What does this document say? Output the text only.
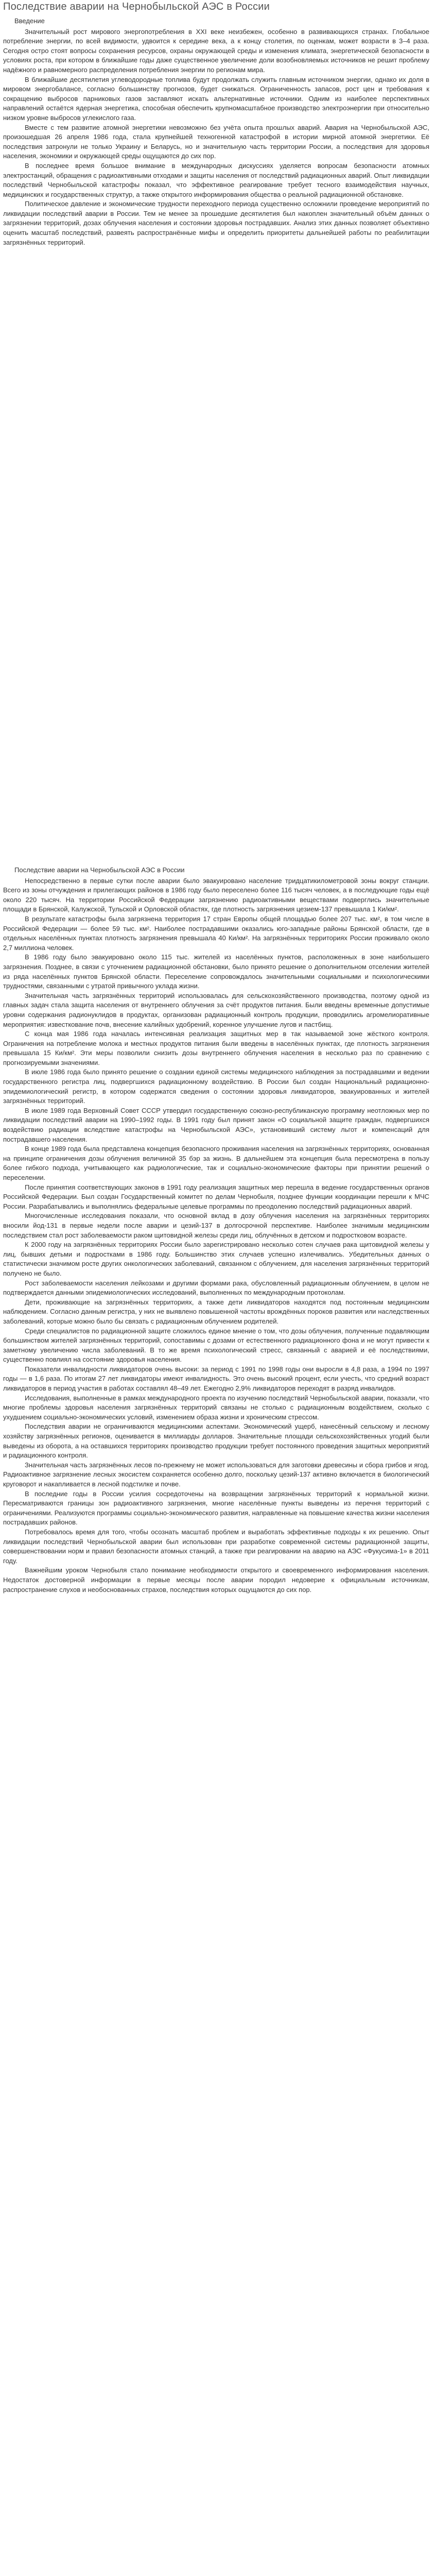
Последствие аварии на Чернобыльской АЭС в России

Введение

Значительный рост мирового энергопотребления в XXI веке неизбежен, особенно в развивающихся странах. Глобальное потребление энергии, по всей видимости, удвоится к середине века, а к концу столетия, по оценкам, может возрасти в 3–4 раза. Сегодня остро стоят вопросы сохранения ресурсов, охраны окружающей среды и изменения климата, энергетической безопасности в условиях роста, при котором в ближайшие годы даже существенное увеличение доли возобновляемых источников не решит проблему надёжного и равномерного распределения потребления энергии по регионам мира.

В ближайшие десятилетия углеводородные топлива будут продолжать служить главным источником энергии, однако их доля в мировом энергобалансе, согласно большинству прогнозов, будет снижаться. Ограниченность запасов, рост цен и требования к сокращению выбросов парниковых газов заставляют искать альтернативные источники. Одним из наиболее перспективных направлений остаётся ядерная энергетика, способная обеспечить крупномасштабное производство электроэнергии при относительно низком уровне выбросов углекислого газа.

Вместе с тем развитие атомной энергетики невозможно без учёта опыта прошлых аварий. Авария на Чернобыльской АЭС, произошедшая 26 апреля 1986 года, стала крупнейшей техногенной катастрофой в истории мирной атомной энергетики. Её последствия затронули не только Украину и Беларусь, но и значительную часть территории России, а последствия для здоровья населения, экономики и окружающей среды ощущаются до сих пор.

В последнее время большое внимание в международных дискуссиях уделяется вопросам безопасности атомных электростанций, обращения с радиоактивными отходами и защиты населения от последствий радиационных аварий. Опыт ликвидации последствий Чернобыльской катастрофы показал, что эффективное реагирование требует тесного взаимодействия научных, медицинских и государственных структур, а также открытого информирования общества о реальной радиационной обстановке.

Политическое давление и экономические трудности переходного периода существенно осложнили проведение мероприятий по ликвидации последствий аварии в России. Тем не менее за прошедшие десятилетия был накоплен значительный объём данных о загрязнении территорий, дозах облучения населения и состоянии здоровья пострадавших. Анализ этих данных позволяет объективно оценить масштаб последствий, развеять распространённые мифы и определить приоритеты дальнейшей работы по реабилитации загрязнённых территорий.

Последствие аварии на Чернобыльской АЭС в России

Непосредственно в первые сутки после аварии было эвакуировано население тридцатикилометровой зоны вокруг станции. Всего из зоны отчуждения и прилегающих районов в 1986 году было переселено более 116 тысяч человек, а в последующие годы ещё около 220 тысяч. На территории Российской Федерации загрязнению радиоактивными веществами подверглись значительные площади в Брянской, Калужской, Тульской и Орловской областях, где плотность загрязнения цезием-137 превышала 1 Ки/км².

В результате катастрофы была загрязнена территория 17 стран Европы общей площадью более 207 тыс. км², в том числе в Российской Федерации — более 59 тыс. км². Наиболее пострадавшими оказались юго-западные районы Брянской области, где в отдельных населённых пунктах плотность загрязнения превышала 40 Ки/км². На загрязнённых территориях России проживало около 2,7 миллиона человек.

В 1986 году было эвакуировано около 115 тыс. жителей из населённых пунктов, расположенных в зоне наибольшего загрязнения. Позднее, в связи с уточнением радиационной обстановки, было принято решение о дополнительном отселении жителей из ряда населённых пунктов Брянской области. Переселение сопровождалось значительными социальными и психологическими трудностями, связанными с утратой привычного уклада жизни.

Значительная часть загрязнённых территорий использовалась для сельскохозяйственного производства, поэтому одной из главных задач стала защита населения от внутреннего облучения за счёт продуктов питания. Были введены временные допустимые уровни содержания радионуклидов в продуктах, организован радиационный контроль продукции, проводились агромелиоративные мероприятия: известкование почв, внесение калийных удобрений, коренное улучшение лугов и пастбищ.

С конца мая 1986 года началась интенсивная реализация защитных мер в так называемой зоне жёсткого контроля. Ограничения на потребление молока и местных продуктов питания были введены в населённых пунктах, где плотность загрязнения превышала 15 Ки/км². Эти меры позволили снизить дозы внутреннего облучения населения в несколько раз по сравнению с прогнозируемыми значениями.

В июле 1986 года было принято решение о создании единой системы медицинского наблюдения за пострадавшими и ведении государственного регистра лиц, подвергшихся радиационному воздействию. В России был создан Национальный радиационно-эпидемиологический регистр, в котором содержатся сведения о состоянии здоровья ликвидаторов, эвакуированных и жителей загрязнённых территорий.

В июле 1989 года Верховный Совет СССР утвердил государственную союзно-республиканскую программу неотложных мер по ликвидации последствий аварии на 1990–1992 годы. В 1991 году был принят закон «О социальной защите граждан, подвергшихся воздействию радиации вследствие катастрофы на Чернобыльской АЭС», установивший систему льгот и компенсаций для пострадавшего населения.

В конце 1989 года была представлена концепция безопасного проживания населения на загрязнённых территориях, основанная на принципе ограничения дозы облучения величиной 35 бэр за жизнь. В дальнейшем эта концепция была пересмотрена в пользу более гибкого подхода, учитывающего как радиологические, так и социально-экономические факторы при принятии решений о переселении.

После принятия соответствующих законов в 1991 году реализация защитных мер перешла в ведение государственных органов Российской Федерации. Был создан Государственный комитет по делам Чернобыля, позднее функции координации перешли к МЧС России. Разрабатывались и выполнялись федеральные целевые программы по преодолению последствий радиационных аварий.

Многочисленные исследования показали, что основной вклад в дозу облучения населения на загрязнённых территориях вносили йод-131 в первые недели после аварии и цезий-137 в долгосрочной перспективе. Наиболее значимым медицинским последствием стал рост заболеваемости раком щитовидной железы среди лиц, облучённых в детском и подростковом возрасте.

К 2000 году на загрязнённых территориях России было зарегистрировано несколько сотен случаев рака щитовидной железы у лиц, бывших детьми и подростками в 1986 году. Большинство этих случаев успешно излечивались. Убедительных данных о статистически значимом росте других онкологических заболеваний, связанном с облучением, для населения загрязнённых территорий получено не было.

Рост заболеваемости населения лейкозами и другими формами рака, обусловленный радиационным облучением, в целом не подтверждается данными эпидемиологических исследований, выполненных по международным протоколам.

Дети, проживающие на загрязнённых территориях, а также дети ликвидаторов находятся под постоянным медицинским наблюдением. Согласно данным регистра, у них не выявлено повышенной частоты врождённых пороков развития или наследственных заболеваний, которые можно было бы связать с радиационным облучением родителей.

Среди специалистов по радиационной защите сложилось единое мнение о том, что дозы облучения, полученные подавляющим большинством жителей загрязнённых территорий, сопоставимы с дозами от естественного радиационного фона и не могут привести к заметному увеличению числа заболеваний. В то же время психологический стресс, связанный с аварией и её последствиями, существенно повлиял на состояние здоровья населения.

Показатели инвалидности ликвидаторов очень высоки: за период с 1991 по 1998 годы они выросли в 4,8 раза, а 1994 по 1997 годы — в 1,6 раза. По итогам 27 лет ликвидаторы имеют инвалидность. Это очень высокий процент, если учесть, что средний возраст ликвидаторов в период участия в работах составлял 48–49 лет. Ежегодно 2,9% ликвидаторов переходят в разряд инвалидов.

Исследования, выполненные в рамках международного проекта по изучению последствий Чернобыльской аварии, показали, что многие проблемы здоровья населения загрязнённых территорий связаны не столько с радиационным воздействием, сколько с ухудшением социально-экономических условий, изменением образа жизни и хроническим стрессом.

Последствия аварии не ограничиваются медицинскими аспектами. Экономический ущерб, нанесённый сельскому и лесному хозяйству загрязнённых регионов, оценивается в миллиарды долларов. Значительные площади сельскохозяйственных угодий были выведены из оборота, а на оставшихся территориях производство продукции требует постоянного проведения защитных мероприятий и радиационного контроля.

Значительная часть загрязнённых лесов по-прежнему не может использоваться для заготовки древесины и сбора грибов и ягод. Радиоактивное загрязнение лесных экосистем сохраняется особенно долго, поскольку цезий-137 активно включается в биологический круговорот и накапливается в лесной подстилке и почве.

В последние годы в России усилия сосредоточены на возвращении загрязнённых территорий к нормальной жизни. Пересматриваются границы зон радиоактивного загрязнения, многие населённые пункты выведены из перечня территорий с ограничениями. Реализуются программы социально-экономического развития, направленные на повышение качества жизни населения пострадавших районов.

Потребовалось время для того, чтобы осознать масштаб проблем и выработать эффективные подходы к их решению. Опыт ликвидации последствий Чернобыльской аварии был использован при разработке современной системы радиационной защиты, совершенствовании норм и правил безопасности атомных станций, а также при реагировании на аварию на АЭС «Фукусима-1» в 2011 году.

Важнейшим уроком Чернобыля стало понимание необходимости открытого и своевременного информирования населения. Недостаток достоверной информации в первые месяцы после аварии породил недоверие к официальным источникам, распространение слухов и необоснованных страхов, последствия которых ощущаются до сих пор.
